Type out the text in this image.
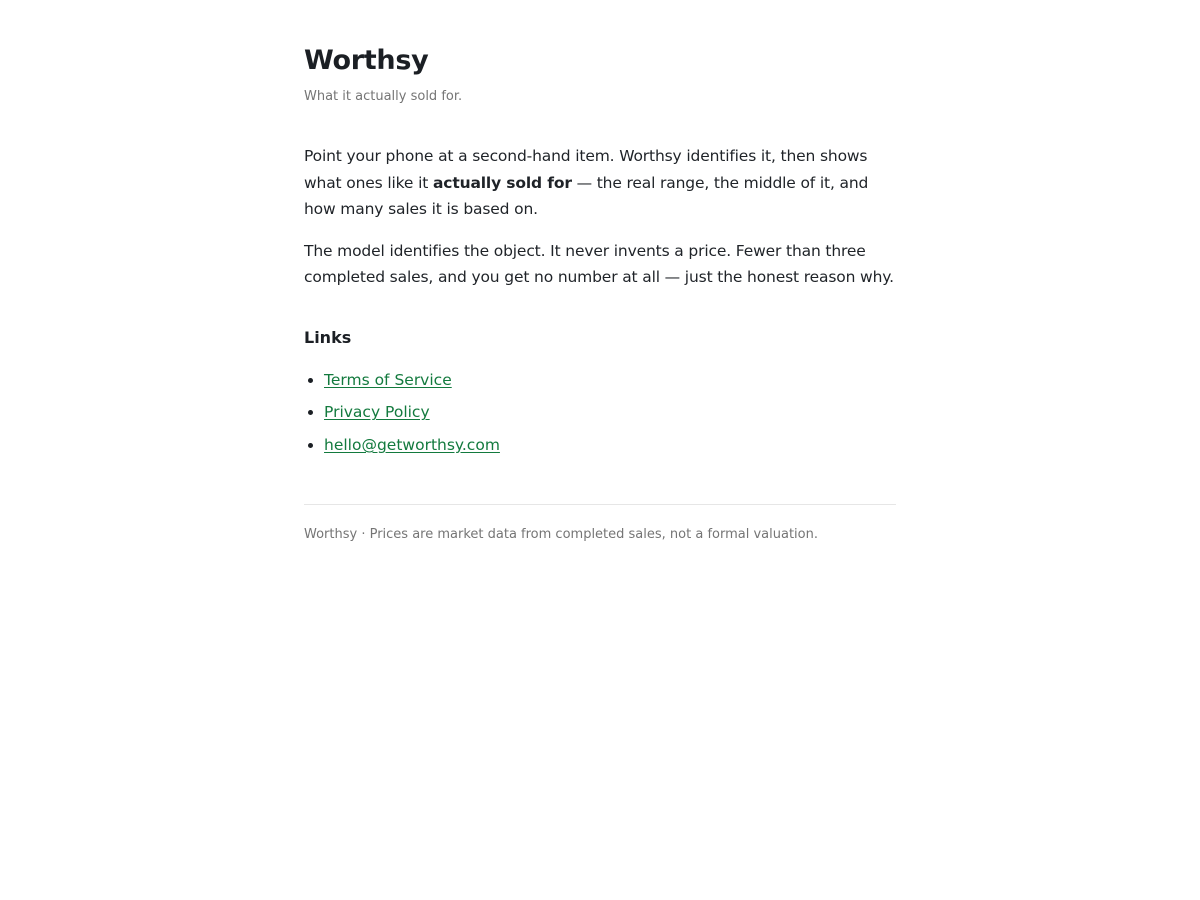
Worthsy

What it actually sold for.

Point your phone at a second-hand item. Worthsy identifies it, then shows what ones like it actually sold for — the real range, the middle of it, and how many sales it is based on.

The model identifies the object. It never invents a price. Fewer than three completed sales, and you get no number at all — just the honest reason why.

Links
• Terms of Service
• Privacy Policy
• hello@getworthsy.com

Worthsy · Prices are market data from completed sales, not a formal valuation.
